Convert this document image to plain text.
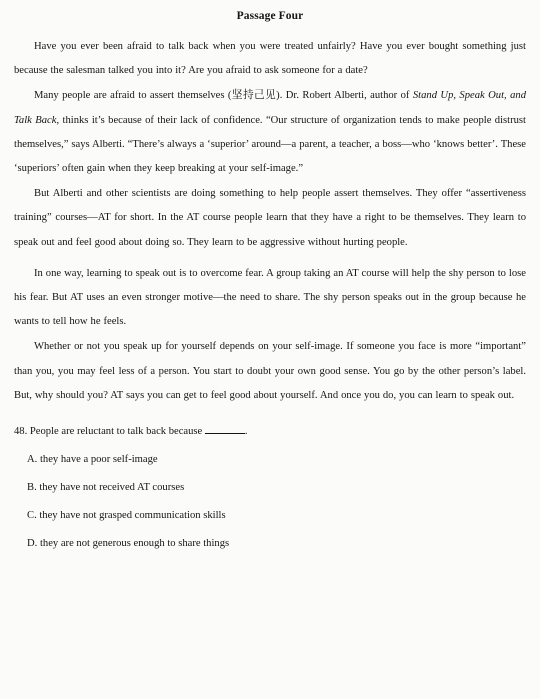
Passage Four

Have you ever been afraid to talk back when you were treated unfairly? Have you ever bought something just because the salesman talked you into it? Are you afraid to ask someone for a date?

Many people are afraid to assert themselves (坚持己见). Dr. Robert Alberti, author of Stand Up, Speak Out, and Talk Back, thinks it’s because of their lack of confidence. “Our structure of organization tends to make people distrust themselves,” says Alberti. “There’s always a ‘superior’ around—a parent, a teacher, a boss—who ‘knows better’. These ‘superiors’ often gain when they keep breaking at your self-image.”

But Alberti and other scientists are doing something to help people assert themselves. They offer “assertiveness training” courses—AT for short. In the AT course people learn that they have a right to be themselves. They learn to speak out and feel good about doing so. They learn to be aggressive without hurting people.

In one way, learning to speak out is to overcome fear. A group taking an AT course will help the shy person to lose his fear. But AT uses an even stronger motive—the need to share. The shy person speaks out in the group because he wants to tell how he feels.

Whether or not you speak up for yourself depends on your self-image. If someone you face is more “important” than you, you may feel less of a person. You start to doubt your own good sense. You go by the other person’s label. But, why should you? AT says you can get to feel good about yourself. And once you do, you can learn to speak out.

48. People are reluctant to talk back because	.
A. they have a poor self-image
B. they have not received AT courses
C. they have not grasped communication skills
D. they are not generous enough to share things
